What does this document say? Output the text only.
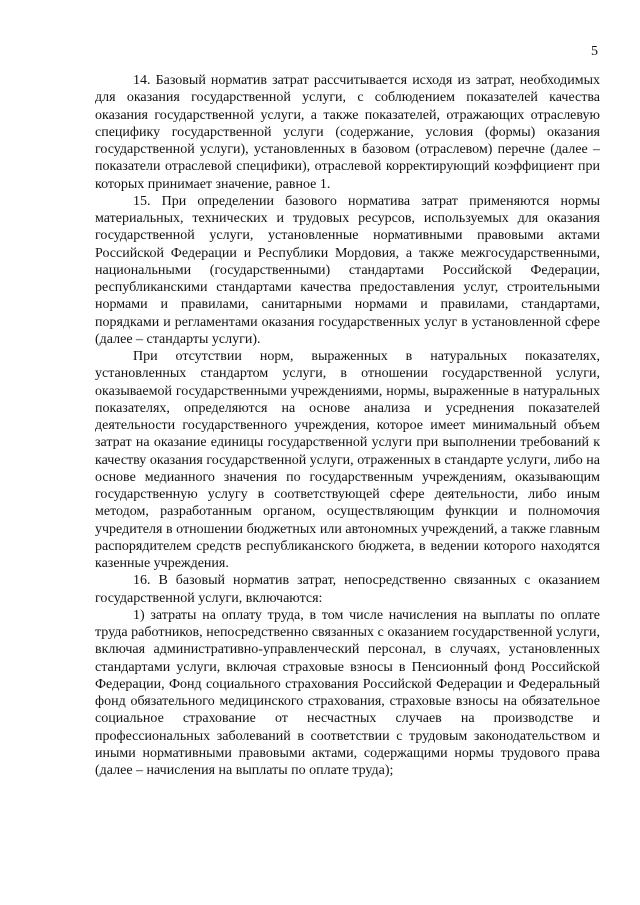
5

14. Базовый норматив затрат рассчитывается исходя из затрат, необходимых для оказания государственной услуги, с соблюдением показателей качества оказания государственной услуги, а также показателей, отражающих отраслевую специфику государственной услуги (содержание, условия (формы) оказания государственной услуги), установленных в базовом (отраслевом) перечне (далее – показатели отраслевой специфики), отраслевой корректирующий коэффициент при которых принимает значение, равное 1.

15. При определении базового норматива затрат применяются нормы материальных, технических и трудовых ресурсов, используемых для оказания государственной услуги, установленные нормативными правовыми актами Российской Федерации и Республики Мордовия, а также межгосударственными, национальными (государственными) стандартами Российской Федерации, республиканскими стандартами качества предоставления услуг, строительными нормами и правилами, санитарными нормами и правилами, стандартами, порядками и регламентами оказания государственных услуг в установленной сфере (далее – стандарты услуги).

При отсутствии норм, выраженных в натуральных показателях, установленных стандартом услуги, в отношении государственной услуги, оказываемой государственными учреждениями, нормы, выраженные в натуральных показателях, определяются на основе анализа и усреднения показателей деятельности государственного учреждения, которое имеет минимальный объем затрат на оказание единицы государственной услуги при выполнении требований к качеству оказания государственной услуги, отраженных в стандарте услуги, либо на основе медианного значения по государственным учреждениям, оказывающим государственную услугу в соответствующей сфере деятельности, либо иным методом, разработанным органом, осуществляющим функции и полномочия учредителя в отношении бюджетных или автономных учреждений, а также главным распорядителем средств республиканского бюджета, в ведении которого находятся казенные учреждения.

16. В базовый норматив затрат, непосредственно связанных с оказанием государственной услуги, включаются:

1) затраты на оплату труда, в том числе начисления на выплаты по оплате труда работников, непосредственно связанных с оказанием государственной услуги, включая административно-управленческий персонал, в случаях, установленных стандартами услуги, включая страховые взносы в Пенсионный фонд Российской Федерации, Фонд социального страхования Российской Федерации и Федеральный фонд обязательного медицинского страхования, страховые взносы на обязательное социальное страхование от несчастных случаев на производстве и профессиональных заболеваний в соответствии с трудовым законодательством и иными нормативными правовыми актами, содержащими нормы трудового права (далее – начисления на выплаты по оплате труда);
